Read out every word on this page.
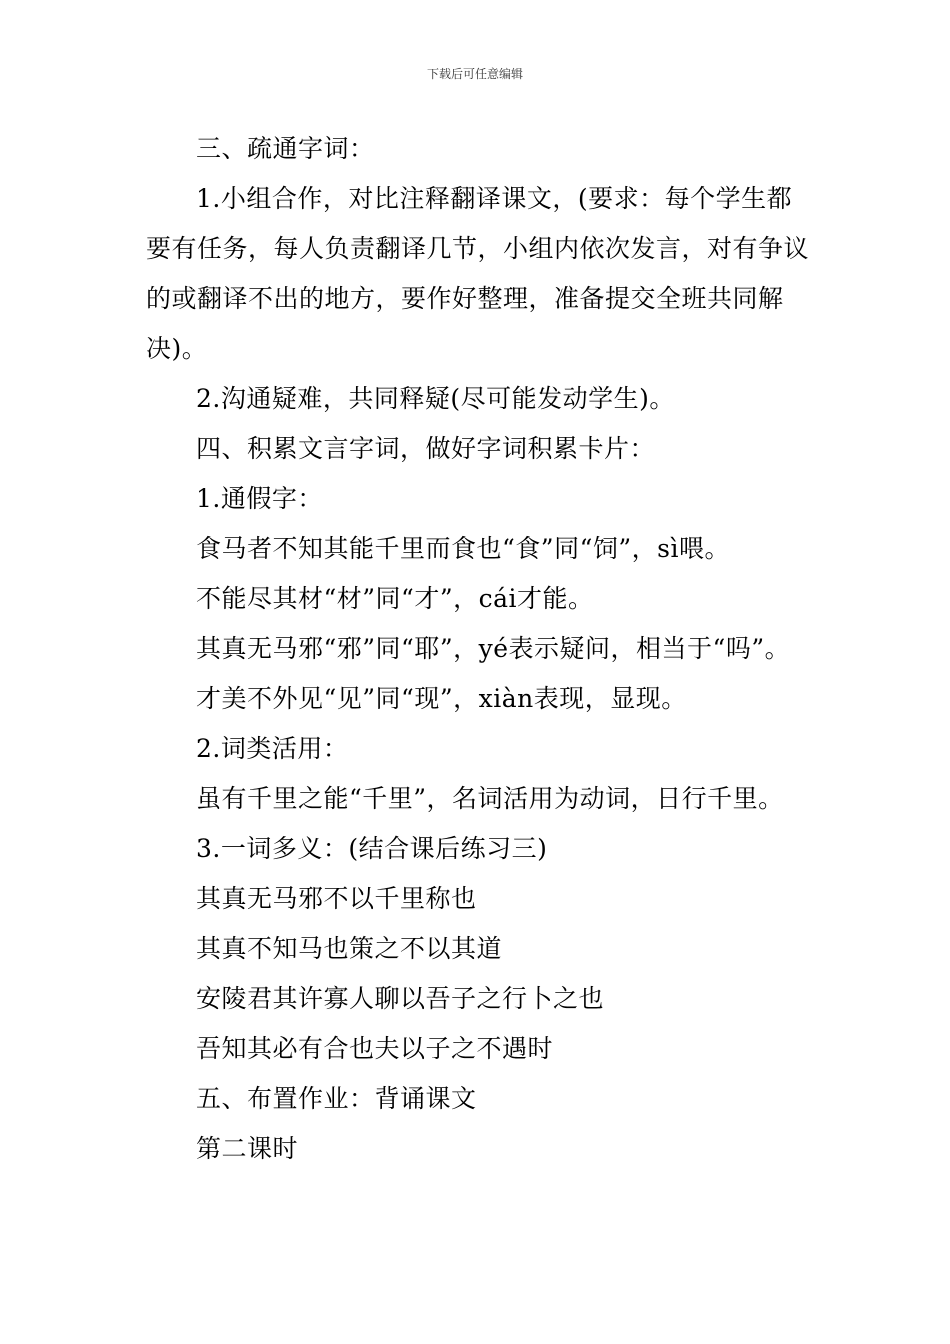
下载后可任意编辑

三、疏通字词：

1.小组合作，对比注释翻译课文，(要求：每个学生都要有任务，每人负责翻译几节，小组内依次发言，对有争议的或翻译不出的地方，要作好整理，准备提交全班共同解决)。

2.沟通疑难，共同释疑(尽可能发动学生)。

四、积累文言字词，做好字词积累卡片：

1.通假字：

食马者不知其能千里而食也“食”同“饲”，sì喂。

不能尽其材“材”同“才”，cái才能。

其真无马邪“邪”同“耶”，yé表示疑问，相当于“吗”。

才美不外见“见”同“现”，xiàn表现，显现。

2.词类活用：

虽有千里之能“千里”，名词活用为动词，日行千里。

3.一词多义：(结合课后练习三)

其真无马邪不以千里称也

其真不知马也策之不以其道

安陵君其许寡人聊以吾子之行卜之也

吾知其必有合也夫以子之不遇时

五、布置作业：背诵课文

第二课时
